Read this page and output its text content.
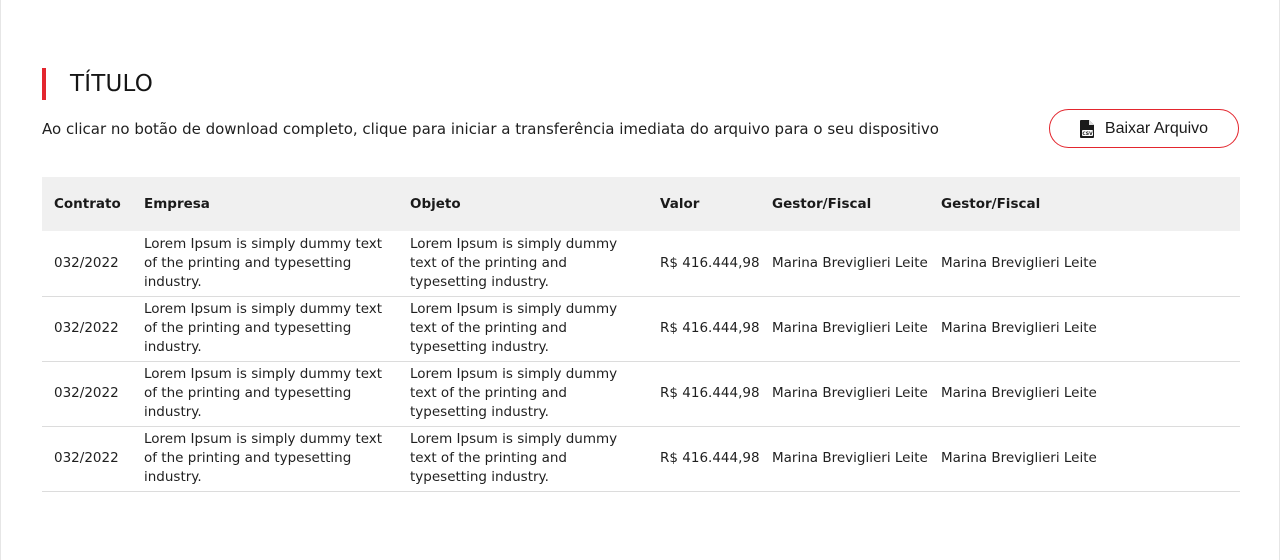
TÍTULO

Ao clicar no botão de download completo, clique para iniciar a transferência imediata do arquivo para o seu dispositivo	CSV Baixar Arquivo
Contrato	Empresa	Objeto	Valor	Gestor/Fiscal	Gestor/Fiscal
032/2022	Lorem Ipsum is simply dummy text of the printing and typesetting industry.	Lorem Ipsum is simply dummy text of the printing and typesetting industry.	R$ 416.444,98	Marina Breviglieri Leite	Marina Breviglieri Leite
032/2022	Lorem Ipsum is simply dummy text of the printing and typesetting industry.	Lorem Ipsum is simply dummy text of the printing and typesetting industry.	R$ 416.444,98	Marina Breviglieri Leite	Marina Breviglieri Leite
032/2022	Lorem Ipsum is simply dummy text of the printing and typesetting industry.	Lorem Ipsum is simply dummy text of the printing and typesetting industry.	R$ 416.444,98	Marina Breviglieri Leite	Marina Breviglieri Leite
032/2022	Lorem Ipsum is simply dummy text of the printing and typesetting industry.	Lorem Ipsum is simply dummy text of the printing and typesetting industry.	R$ 416.444,98	Marina Breviglieri Leite	Marina Breviglieri Leite
